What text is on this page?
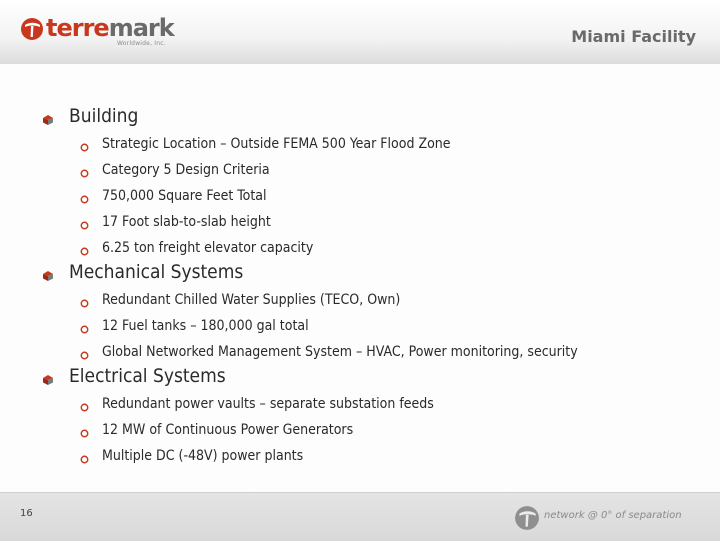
terremark
Worldwide, Inc.	Miami Facility
Building
Strategic Location – Outside FEMA 500 Year Flood Zone
Category 5 Design Criteria
750,000 Square Feet Total
17 Foot slab-to-slab height
6.25 ton freight elevator capacity
Mechanical Systems
Redundant Chilled Water Supplies (TECO, Own)
12 Fuel tanks – 180,000 gal total
Global Networked Management System – HVAC, Power monitoring, security
Electrical Systems
Redundant power vaults – separate substation feeds
12 MW of Continuous Power Generators
Multiple DC (-48V) power plants
16	network @ 0° of separation
